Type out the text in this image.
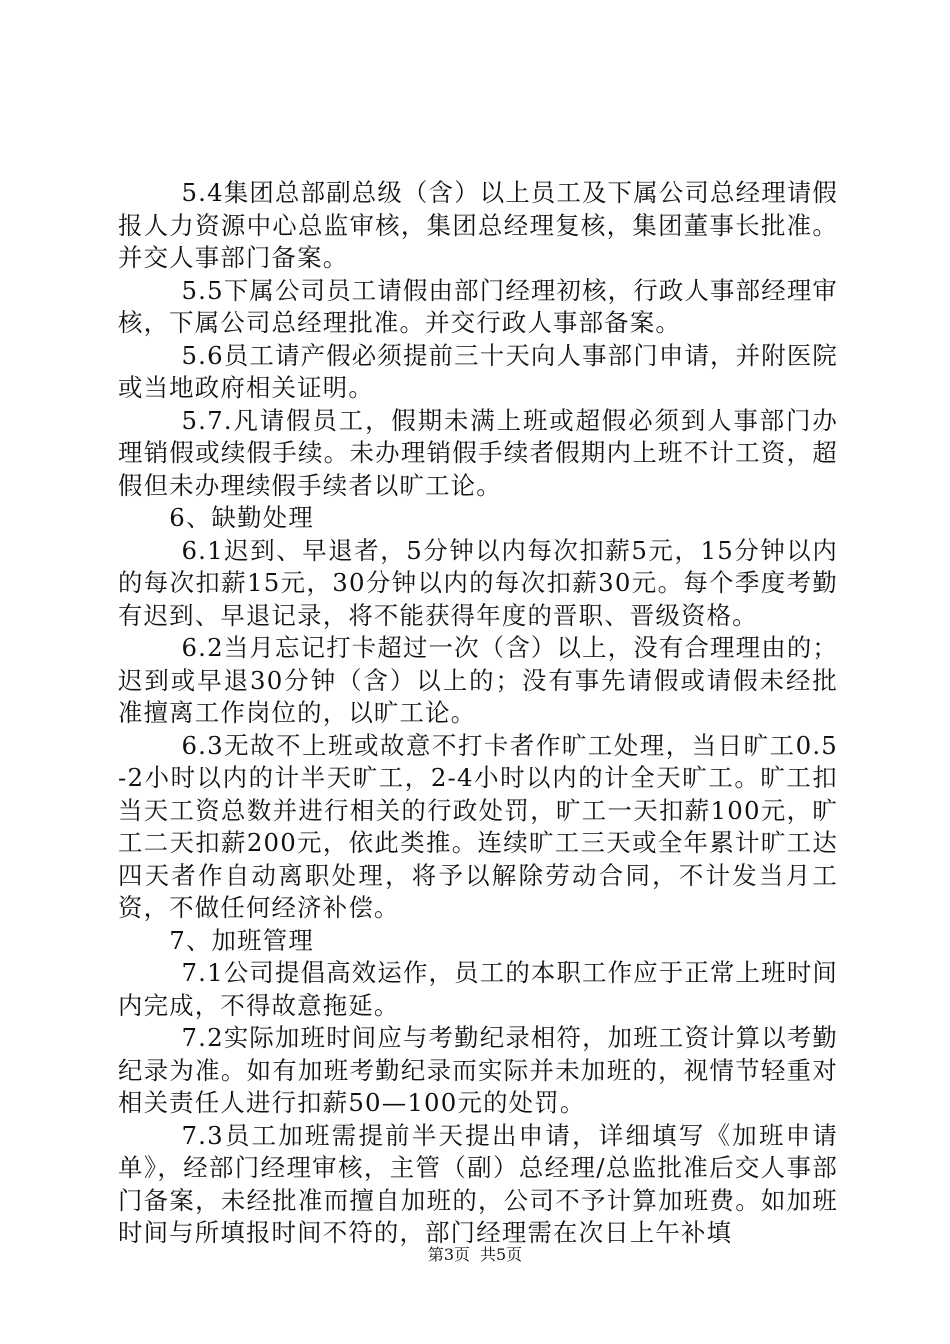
5.4集团总部副总级（含）以上员工及下属公司总经理请假报人力资源中心总监审核，集团总经理复核，集团董事长批准。并交人事部门备案。

5.5下属公司员工请假由部门经理初核，行政人事部经理审核，下属公司总经理批准。并交行政人事部备案。

5.6员工请产假必须提前三十天向人事部门申请，并附医院或当地政府相关证明。

5.7.凡请假员工，假期未满上班或超假必须到人事部门办理销假或续假手续。未办理销假手续者假期内上班不计工资，超假但未办理续假手续者以旷工论。

6、缺勤处理

6.1迟到、早退者，5分钟以内每次扣薪5元，15分钟以内的每次扣薪15元，30分钟以内的每次扣薪30元。每个季度考勤有迟到、早退记录，将不能获得年度的晋职、晋级资格。

6.2当月忘记打卡超过一次（含）以上，没有合理理由的；迟到或早退30分钟（含）以上的；没有事先请假或请假未经批准擅离工作岗位的，以旷工论。

6.3无故不上班或故意不打卡者作旷工处理，当日旷工0.5-2小时以内的计半天旷工，2-4小时以内的计全天旷工。旷工扣当天工资总数并进行相关的行政处罚，旷工一天扣薪100元，旷工二天扣薪200元，依此类推。连续旷工三天或全年累计旷工达四天者作自动离职处理，将予以解除劳动合同，不计发当月工资，不做任何经济补偿。

7、加班管理

7.1公司提倡高效运作，员工的本职工作应于正常上班时间内完成，不得故意拖延。

7.2实际加班时间应与考勤纪录相符，加班工资计算以考勤纪录为准。如有加班考勤纪录而实际并未加班的，视情节轻重对相关责任人进行扣薪50—100元的处罚。

7.3员工加班需提前半天提出申请，详细填写《加班申请单》，经部门经理审核，主管（副）总经理/总监批准后交人事部门备案，未经批准而擅自加班的，公司不予计算加班费。如加班时间与所填报时间不符的，部门经理需在次日上午补填

第3页 共5页
